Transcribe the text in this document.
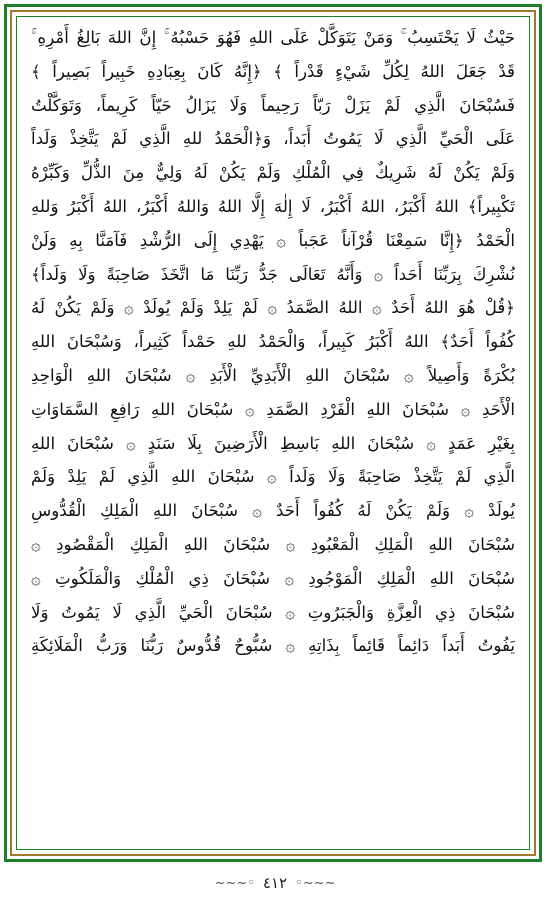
حَيْثُ لَا يَحْتَسِبُ ۚ وَمَنْ يَتَوَكَّلْ عَلَى اللهِ فَهُوَ حَسْبُهُ ۚ إِنَّ اللهَ بَالِغُ أَمْرِهِ ۚ
قَدْ جَعَلَ اللهُ لِكُلِّ شَيْءٍ قَدْراً ﴾ ﴿إِنَّهُ كَانَ بِعِبَادِهِ خَبِيراً بَصِيراً ﴾
فَسُبْحَانَ الَّذِي لَمْ يَزَلْ رَبّاً رَحِيماً وَلَا يَزَالُ حَيّاً كَرِيماً، وَتَوَكَّلْتُ
عَلَى الْحَيِّ الَّذِي لَا يَمُوتُ أَبَداً، وَ﴿الْحَمْدُ للهِ الَّذِي لَمْ يَتَّخِذْ وَلَداً
وَلَمْ يَكُنْ لَهُ شَرِيكٌ فِي الْمُلْكِ وَلَمْ يَكُنْ لَهُ وَلِيٌّ مِنَ الذُّلِّ وَكَبِّرْهُ
تَكْبِيراً﴾ اللهُ أَكْبَرُ، اللهُ أَكْبَرُ، لَا إِلٰهَ إِلَّا اللهُ وَاللهُ أَكْبَرُ، اللهُ أَكْبَرُ وَللهِ
الْحَمْدُ ﴿إِنَّا سَمِعْنَا قُرْآناً عَجَباً ۞ يَهْدِي إِلَى الرُّشْدِ فَآمَنَّا بِهِ وَلَنْ
نُشْرِكَ بِرَبِّنَا أَحَداً ۞ وَأَنَّهُ تَعَالَى جَدُّ رَبِّنَا مَا اتَّخَذَ صَاحِبَةً وَلَا وَلَداً﴾
﴿قُلْ هُوَ اللهُ أَحَدٌ ۞ اللهُ الصَّمَدُ ۞ لَمْ يَلِدْ وَلَمْ يُولَدْ ۞ وَلَمْ يَكُنْ لَهُ
كُفُواً أَحَدٌ﴾ اللهُ أَكْبَرُ كَبِيراً، وَالْحَمْدُ للهِ حَمْداً كَثِيراً، وَسُبْحَانَ اللهِ
بُكْرَةً وَأَصِيلاً ۞ سُبْحَانَ اللهِ الْأَبَدِيِّ الْأَبَدِ ۞ سُبْحَانَ اللهِ الْوَاحِدِ
الْأَحَدِ ۞ سُبْحَانَ اللهِ الْفَرْدِ الصَّمَدِ ۞ سُبْحَانَ اللهِ رَافِعِ السَّمَاوَاتِ
بِغَيْرِ عَمَدٍ ۞ سُبْحَانَ اللهِ بَاسِطِ الْأَرَضِينَ بِلَا سَنَدٍ ۞ سُبْحَانَ اللهِ
الَّذِي لَمْ يَتَّخِذْ صَاحِبَةً وَلَا وَلَداً ۞ سُبْحَانَ اللهِ الَّذِي لَمْ يَلِدْ وَلَمْ
يُولَدْ ۞ وَلَمْ يَكُنْ لَهُ كُفُواً أَحَدٌ ۞ سُبْحَانَ اللهِ الْمَلِكِ الْقُدُّوسِ
سُبْحَانَ اللهِ الْمَلِكِ الْمَعْبُودِ ۞ سُبْحَانَ اللهِ الْمَلِكِ الْمَقْصُودِ ۞
سُبْحَانَ اللهِ الْمَلِكِ الْمَوْجُودِ ۞ سُبْحَانَ ذِي الْمُلْكِ وَالْمَلَكُوتِ ۞
سُبْحَانَ ذِي الْعِزَّةِ وَالْجَبَرُوتِ ۞ سُبْحَانَ الْحَيِّ الَّذِي لَا يَمُوتُ وَلَا
يَفُوتُ أَبَداً دَائِماً قَائِماً بِذَاتِهِ ۞ سُبُّوحٌ قُدُّوسٌ رَبُّنَا وَرَبُّ الْمَلَائِكَةِ
~~~◦ ٤١٢ ◦~~~
